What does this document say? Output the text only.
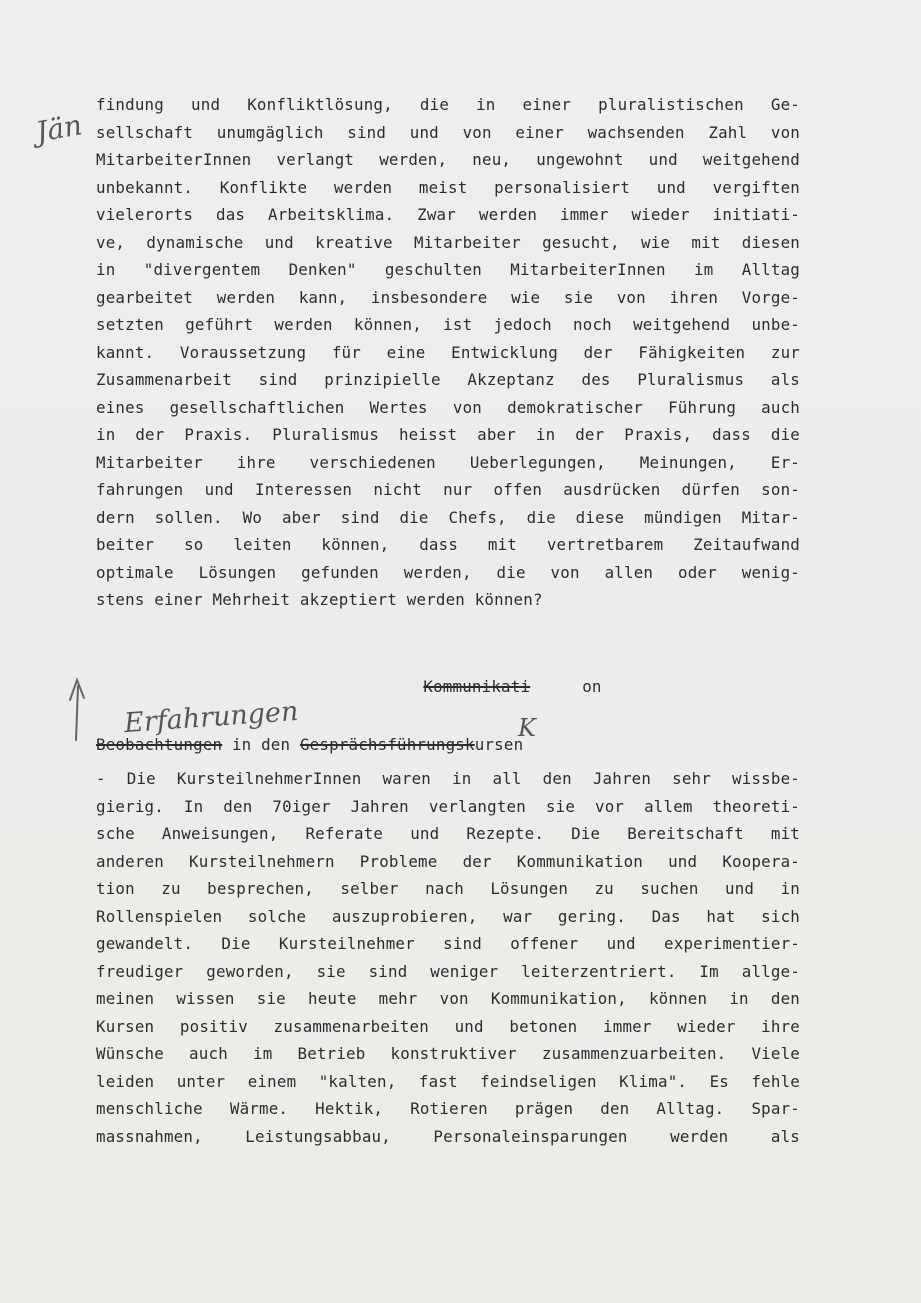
Jän
findung und Konfliktlösung, die in einer pluralistischen Ge-
sellschaft unumgäglich sind und von einer wachsenden Zahl von
MitarbeiterInnen verlangt werden, neu, ungewohnt und weitgehend
unbekannt. Konflikte werden meist personalisiert und vergiften
vielerorts das Arbeitsklima. Zwar werden immer wieder initiati-
ve, dynamische und kreative Mitarbeiter gesucht, wie mit diesen
in "divergentem Denken" geschulten MitarbeiterInnen im Alltag
gearbeitet werden kann, insbesondere wie sie von ihren Vorge-
setzten geführt werden können, ist jedoch noch weitgehend unbe-
kannt. Voraussetzung für eine Entwicklung der Fähigkeiten zur
Zusammenarbeit sind prinzipielle Akzeptanz des Pluralismus als
eines gesellschaftlichen Wertes von demokratischer Führung auch
in der Praxis. Pluralismus heisst aber in der Praxis, dass die
Mitarbeiter ihre verschiedenen Ueberlegungen, Meinungen, Er-
fahrungen und Interessen nicht nur offen ausdrücken dürfen son-
dern sollen. Wo aber sind die Chefs, die diese mündigen Mitar-
beiter so leiten können, dass mit vertretbarem Zeitaufwand
optimale Lösungen gefunden werden, die von allen oder wenig-
stens einer Mehrheit akzeptiert werden können?
Kommunikati	on
Erfahrungen
Beobachtungen in den Gesprächsführungskursen
K
- Die KursteilnehmerInnen waren in all den Jahren sehr wissbe-
gierig. In den 70iger Jahren verlangten sie vor allem theoreti-
sche Anweisungen, Referate und Rezepte. Die Bereitschaft mit
anderen Kursteilnehmern Probleme der Kommunikation und Koopera-
tion zu besprechen, selber nach Lösungen zu suchen und in
Rollenspielen solche auszuprobieren, war gering. Das hat sich
gewandelt. Die Kursteilnehmer sind offener und experimentier-
freudiger geworden, sie sind weniger leiterzentriert. Im allge-
meinen wissen sie heute mehr von Kommunikation, können in den
Kursen positiv zusammenarbeiten und betonen immer wieder ihre
Wünsche auch im Betrieb konstruktiver zusammenzuarbeiten. Viele
leiden unter einem "kalten, fast feindseligen Klima". Es fehle
menschliche Wärme. Hektik, Rotieren prägen den Alltag. Spar-
massnahmen, Leistungsabbau, Personaleinsparungen werden als
